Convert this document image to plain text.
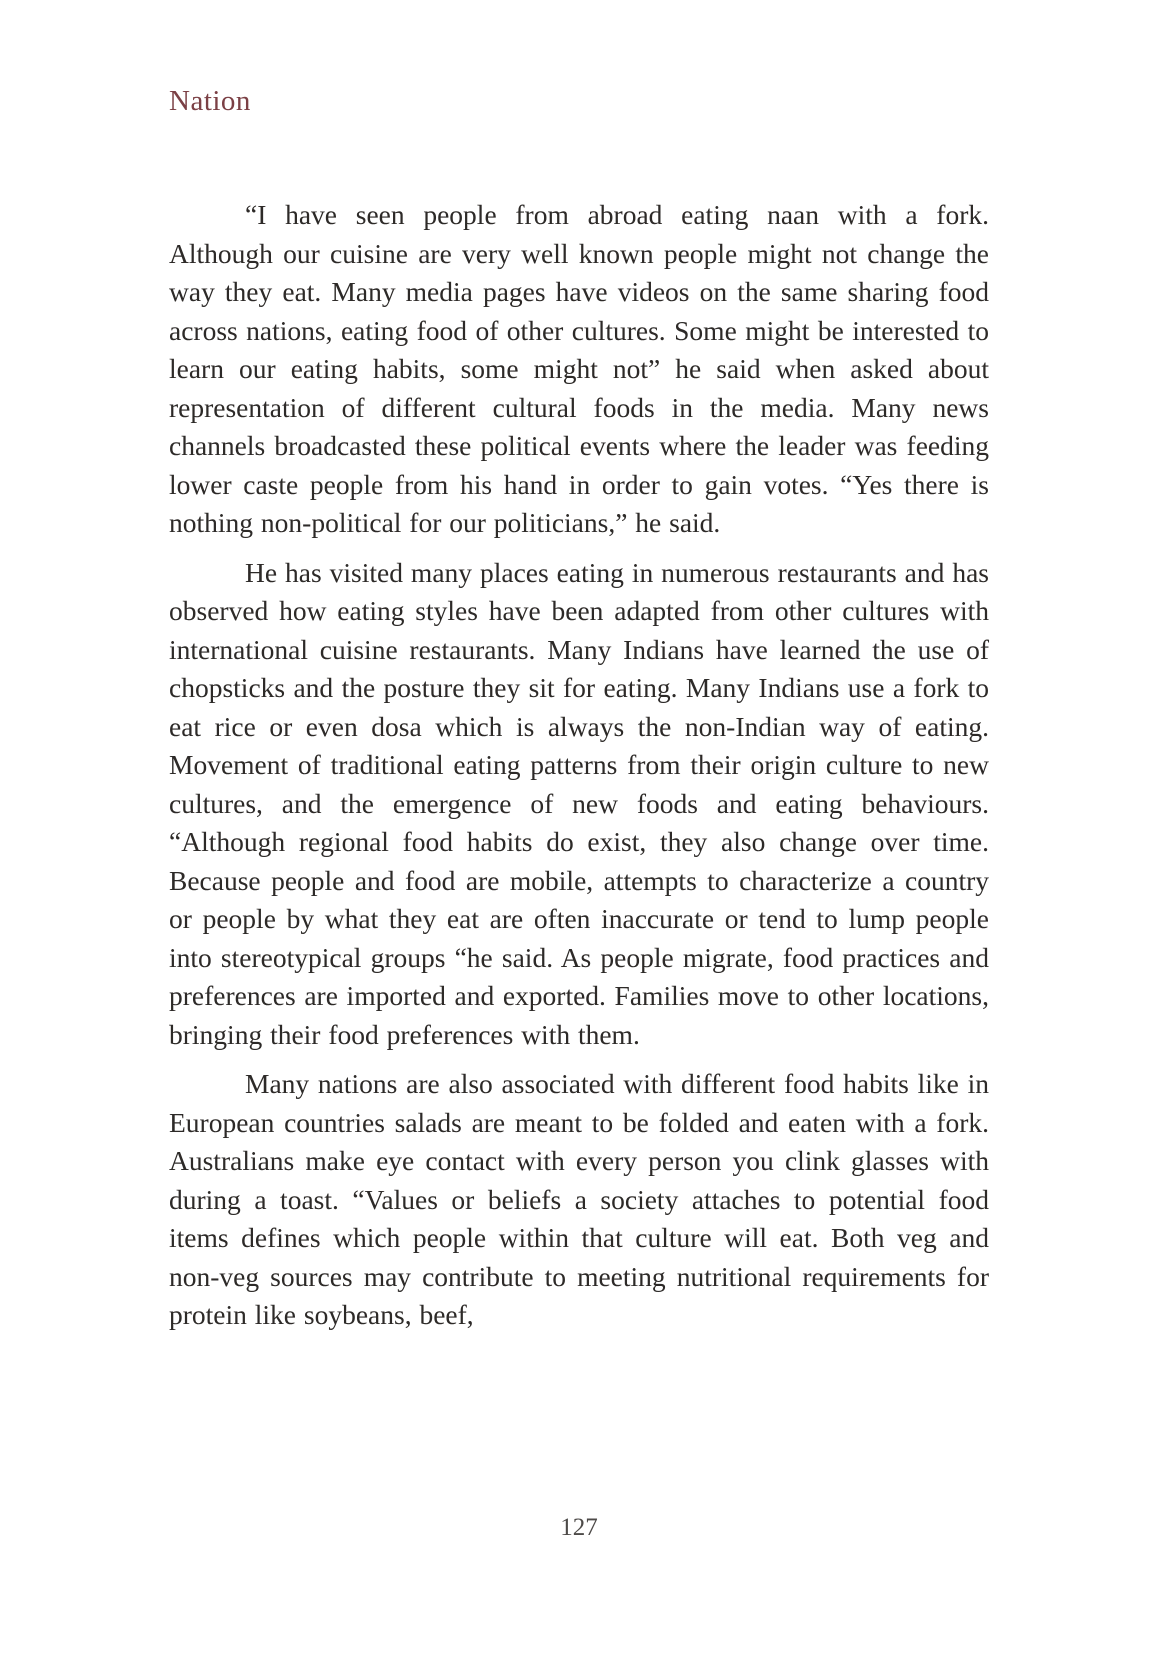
Nation

“I have seen people from abroad eating naan with a fork. Although our cuisine are very well known people might not change the way they eat. Many media pages have videos on the same sharing food across nations, eating food of other cultures. Some might be interested to learn our eating habits, some might not” he said when asked about representation of different cultural foods in the media. Many news channels broadcasted these political events where the leader was feeding lower caste people from his hand in order to gain votes. “Yes there is nothing non-political for our politicians,” he said.

He has visited many places eating in numerous restaurants and has observed how eating styles have been adapted from other cultures with international cuisine restaurants. Many Indians have learned the use of chopsticks and the posture they sit for eating. Many Indians use a fork to eat rice or even dosa which is always the non-Indian way of eating. Movement of traditional eating patterns from their origin culture to new cultures, and the emergence of new foods and eating behaviours. “Although regional food habits do exist, they also change over time. Because people and food are mobile, attempts to characterize a country or people by what they eat are often inaccurate or tend to lump people into stereotypical groups “he said. As people migrate, food practices and preferences are imported and exported. Families move to other locations, bringing their food preferences with them.

Many nations are also associated with different food habits like in European countries salads are meant to be folded and eaten with a fork. Australians make eye contact with every person you clink glasses with during a toast. “Values or beliefs a society attaches to potential food items defines which people within that culture will eat. Both veg and non-veg sources may contribute to meeting nutritional requirements for protein like soybeans, beef,

127
